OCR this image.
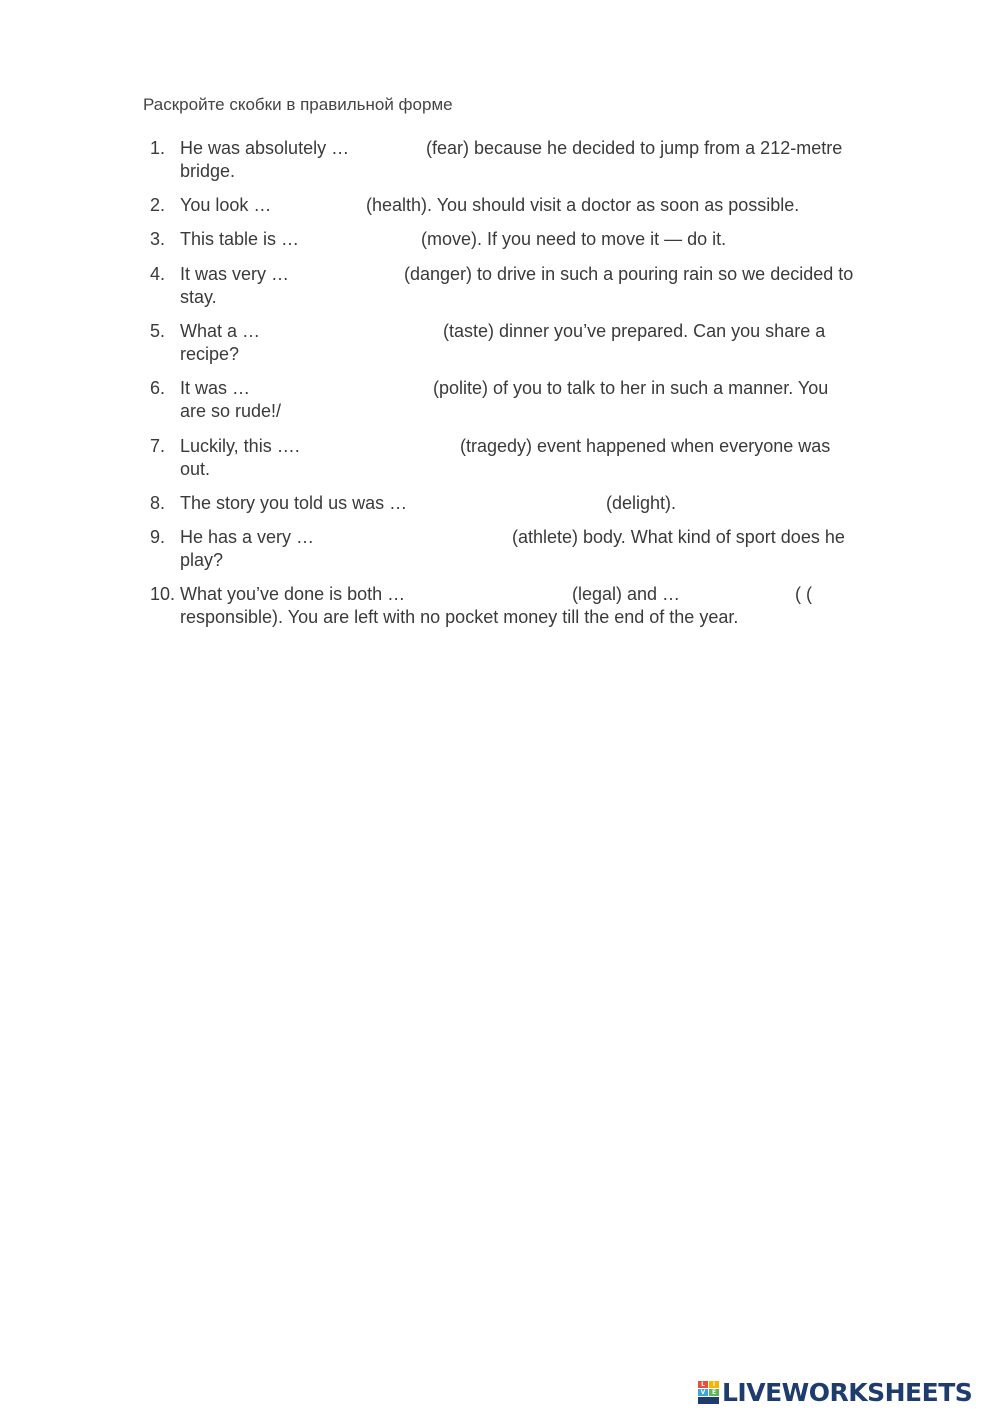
Раскройте скобки в правильной форме
1. He was absolutely …	(fear) because he decided to jump from a 212-metre
bridge.
2. You look …	(health). You should visit a doctor as soon as possible.
3. This table is …	(move). If you need to move it — do it.
4. It was very …	(danger) to drive in such a pouring rain so we decided to
stay.
5. What a …	(taste) dinner you’ve prepared. Can you share a
recipe?
6. It was …	(polite) of you to talk to her in such a manner. You
are so rude!/
7. Luckily, this ….	(tragedy) event happened when everyone was
out.
8. The story you told us was …	(delight).
9. He has a very …	(athlete) body. What kind of sport does he
play?
10. What you’ve done is both …	(legal) and …	( (
responsible). You are left with no pocket money till the end of the year.
L	I
V	E LIVEWORKSHEETS
